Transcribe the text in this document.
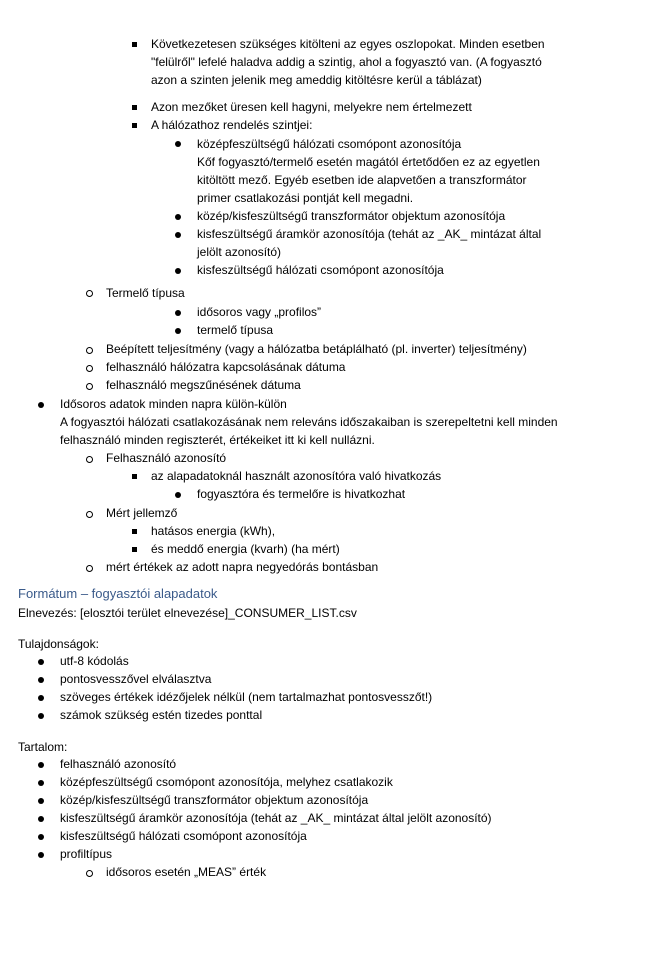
Következetesen szükséges kitölteni az egyes oszlopokat. Minden esetben
"felülről" lefelé haladva addig a szintig, ahol a fogyasztó van. (A fogyasztó
azon a szinten jelenik meg ameddig kitöltésre kerül a táblázat)
Azon mezőket üresen kell hagyni, melyekre nem értelmezett
A hálózathoz rendelés szintjei:
középfeszültségű hálózati csomópont azonosítója
Kőf fogyasztó/termelő esetén magától értetődően ez az egyetlen
kitöltött mező. Egyéb esetben ide alapvetően a transzformátor
primer csatlakozási pontját kell megadni.
közép/kisfeszültségű transzformátor objektum azonosítója
kisfeszültségű áramkör azonosítója (tehát az _AK_ mintázat által
jelölt azonosító)
kisfeszültségű hálózati csomópont azonosítója
Termelő típusa
idősoros vagy „profilos”
termelő típusa
Beépített teljesítmény (vagy a hálózatba betáplálható (pl. inverter) teljesítmény)
felhasználó hálózatra kapcsolásának dátuma
felhasználó megszűnésének dátuma
Idősoros adatok minden napra külön-külön
A fogyasztói hálózati csatlakozásának nem releváns időszakaiban is szerepeltetni kell minden
felhasználó minden regiszterét, értékeiket itt ki kell nullázni.
Felhasználó azonosító
az alapadatoknál használt azonosítóra való hivatkozás
fogyasztóra és termelőre is hivatkozhat
Mért jellemző
hatásos energia (kWh),
és meddő energia (kvarh) (ha mért)
mért értékek az adott napra negyedórás bontásban
Formátum – fogyasztói alapadatok
Elnevezés: [elosztói terület elnevezése]_CONSUMER_LIST.csv
Tulajdonságok:
utf-8 kódolás
pontosvesszővel elválasztva
szöveges értékek idézőjelek nélkül (nem tartalmazhat pontosvesszőt!)
számok szükség estén tizedes ponttal
Tartalom:
felhasználó azonosító
középfeszültségű csomópont azonosítója, melyhez csatlakozik
közép/kisfeszültségű transzformátor objektum azonosítója
kisfeszültségű áramkör azonosítója (tehát az _AK_ mintázat által jelölt azonosító)
kisfeszültségű hálózati csomópont azonosítója
profiltípus
idősoros esetén „MEAS” érték
